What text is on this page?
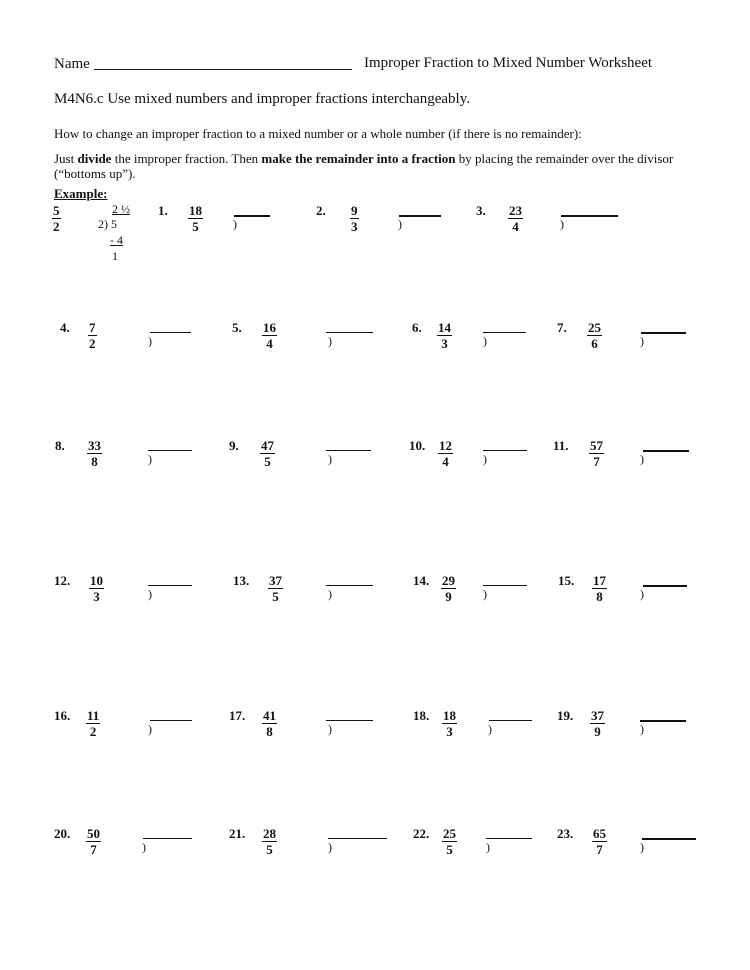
Name	Improper Fraction to Mixed Number Worksheet
M4N6.c Use mixed numbers and improper fractions interchangeably.
How to change an improper fraction to a mixed number or a whole number (if there is no remainder):
Just divide the improper fraction. Then make the remainder into a fraction by placing the remainder over the divisor (“bottoms up”).
Example:
$\frac{5}{2}$	2 ½
2) 5
- 4
1
1. $\frac{18}{5}$	)
2. $\frac{9}{3}$	)
3. $\frac{23}{4}$	)
4. $\frac{7}{2}$	)
5. $\frac{16}{4}$	)
6. $\frac{14}{3}$	)
7. $\frac{25}{6}$	)
8. $\frac{33}{8}$	)
9. $\frac{47}{5}$	)
10. $\frac{12}{4}$	)
11. $\frac{57}{7}$	)
12. $\frac{10}{3}$	)
13. $\frac{37}{5}$	)
14. $\frac{29}{9}$ )
15. $\frac{17}{8}$	)
16. $\frac{11}{2}$	)
17. $\frac{41}{8}$	)
18. $\frac{18}{3}$	)
19. $\frac{37}{9}$	)
20. $\frac{50}{7}$	)
21. $\frac{28}{5}$	)
22. $\frac{25}{5}$ )
23. $\frac{65}{7}$	)
